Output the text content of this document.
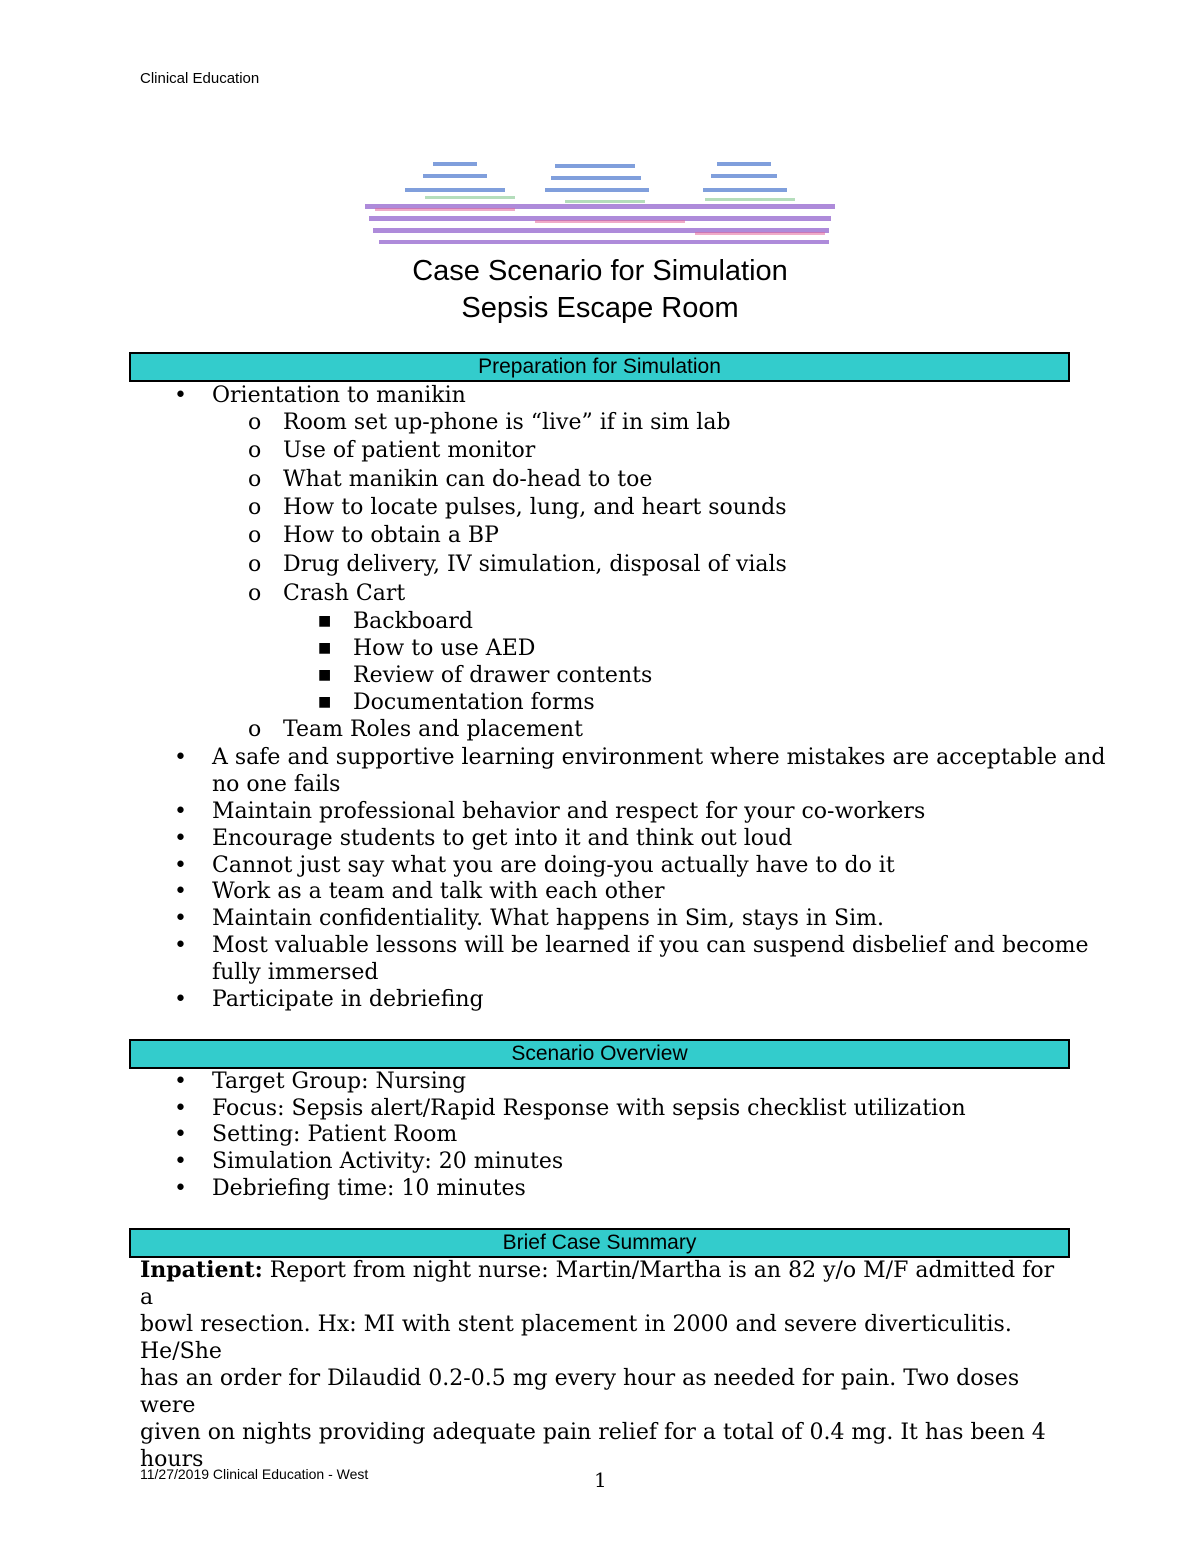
Clinical Education
Case Scenario for Simulation
Sepsis Escape Room
Preparation for Simulation
• Orientation to manikin
o Room set up-phone is “live” if in sim lab
o Use of patient monitor
o What manikin can do-head to toe
o How to locate pulses, lung, and heart sounds
o How to obtain a BP
o Drug delivery, IV simulation, disposal of vials
o Crash Cart
■ Backboard
■ How to use AED
■ Review of drawer contents
■ Documentation forms
o Team Roles and placement
• A safe and supportive learning environment where mistakes are acceptable and
no one fails
• Maintain professional behavior and respect for your co-workers
• Encourage students to get into it and think out loud
• Cannot just say what you are doing-you actually have to do it
• Work as a team and talk with each other
• Maintain confidentiality. What happens in Sim, stays in Sim.
• Most valuable lessons will be learned if you can suspend disbelief and become
fully immersed
• Participate in debriefing
Scenario Overview
• Target Group: Nursing
• Focus: Sepsis alert/Rapid Response with sepsis checklist utilization
• Setting: Patient Room
• Simulation Activity: 20 minutes
• Debriefing time: 10 minutes
Brief Case Summary
Inpatient: Report from night nurse: Martin/Martha is an 82 y/o M/F admitted for a
bowl resection. Hx: MI with stent placement in 2000 and severe diverticulitis. He/She
has an order for Dilaudid 0.2-0.5 mg every hour as needed for pain. Two doses were
given on nights providing adequate pain relief for a total of 0.4 mg. It has been 4 hours
11/27/2019 Clinical Education - West	1
